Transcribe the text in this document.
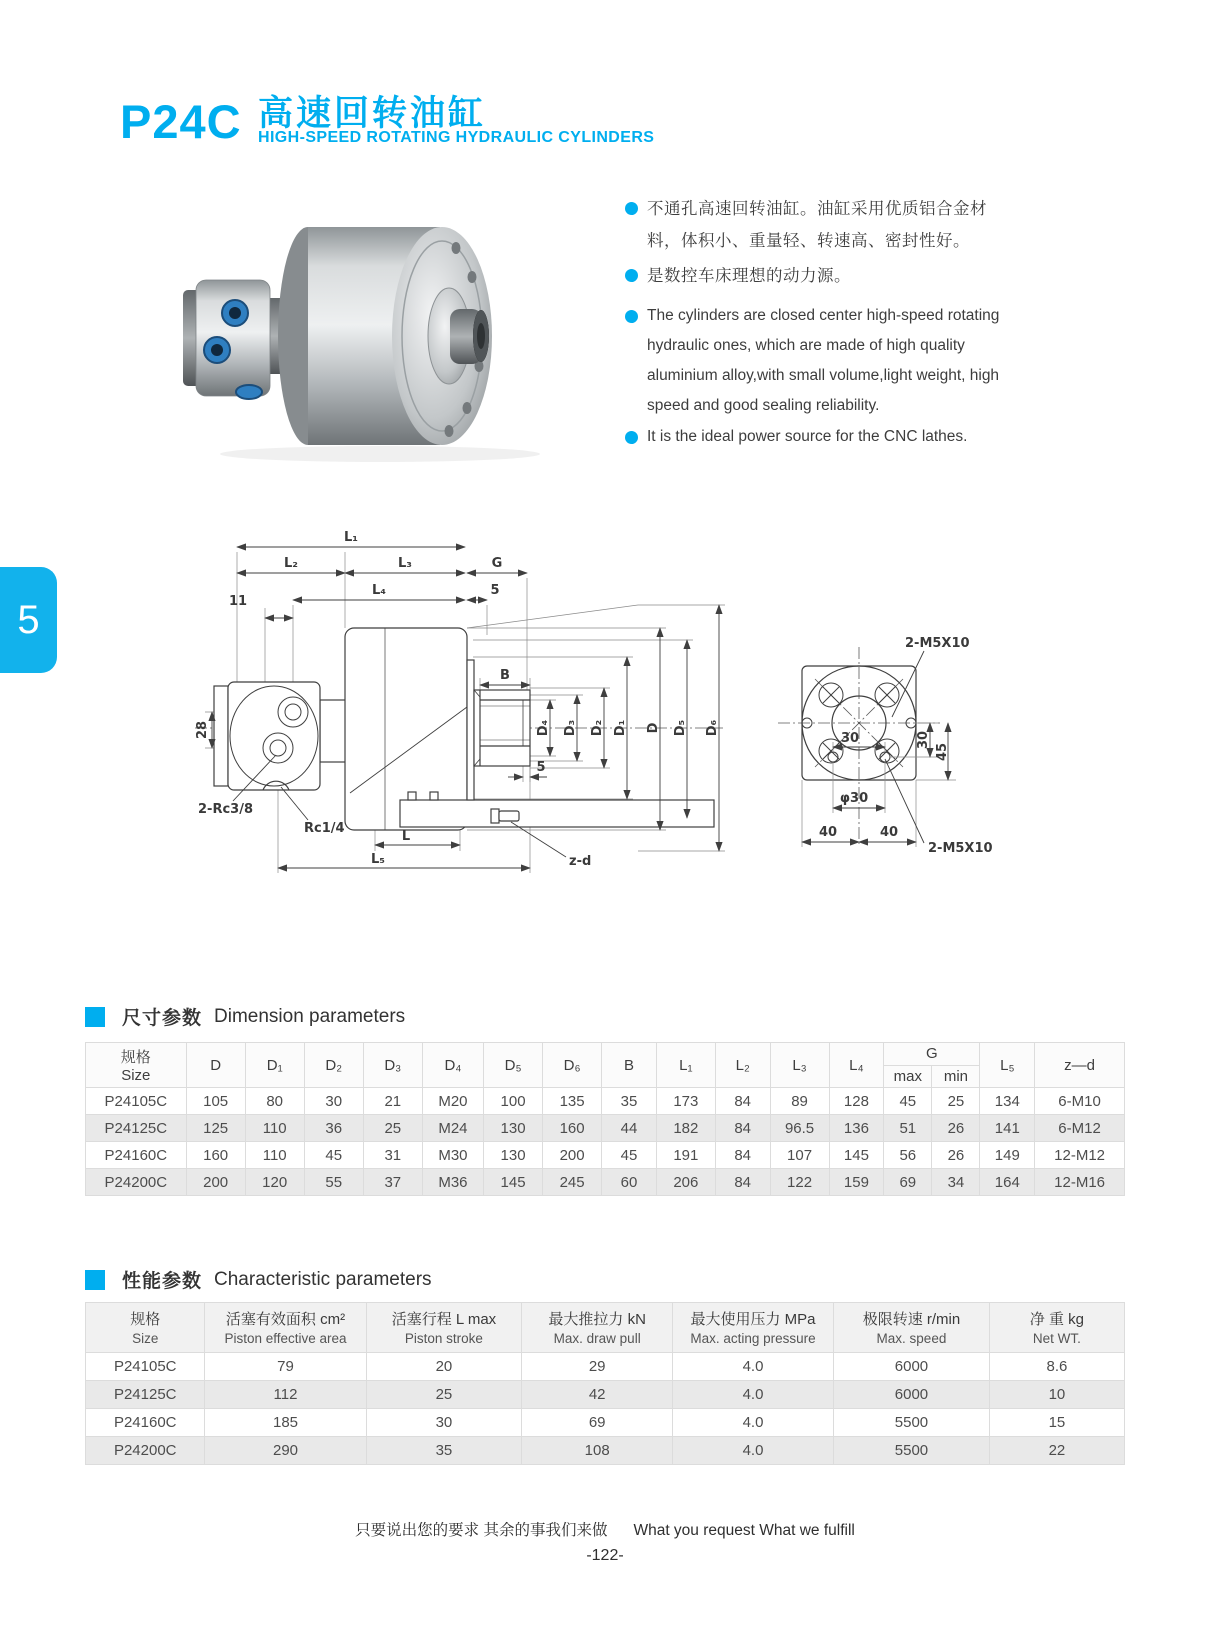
P24C 高速回转油缸
HIGH-SPEED ROTATING HYDRAULIC CYLINDERS
不通孔高速回转油缸。油缸采用优质铝合金材料，体积小、重量轻、转速高、密封性好。
是数控车床理想的动力源。
The cylinders are closed center high-speed rotating hydraulic ones, which are made of high quality aluminium alloy,with small volume,light weight, high speed and good sealing reliability.
It is the ideal power source for the CNC lathes.
5
L₁
L₂	L₃	G
L₄	5
11
28
B
D₄ D₃ D₂ D₁ D D₅ D₆
5
2-Rc3/8
Rc1/4
L
L₅	z-d
2-M5X10
30
φ30
40	40
30
45
2-M5X10
尺寸参数 Dimension parameters
规格
Size	D	D₁	D₂	D₃	D₄	D₅	D₆	B	L₁	L₂	L₃	L₄	G		L₅	z—d
													max	min		
P24105C	105	80	30	21	M20	100	135	35	173	84	89	128	45	25	134	6-M10
P24125C	125	110	36	25	M24	130	160	44	182	84	96.5	136	51	26	141	6-M12
P24160C	160	110	45	31	M30	130	200	45	191	84	107	145	56	26	149	12-M12
P24200C	200	120	55	37	M36	145	245	60	206	84	122	159	69	34	164	12-M16
性能参数 Characteristic parameters
规格
Size

活塞有效面积 cm²
Piston effective area

活塞行程 L max
Piston stroke

最大推拉力 kN
Max. draw pull

最大使用压力 MPa
Max. acting pressure

极限转速 r/min
Max. speed

净 重 kg
Net WT.

P24105C	79	20	29	4.0	6000	8.6
P24125C	112	25	42	4.0	6000	10
P24160C	185	30	69	4.0	5500	15
P24200C	290	35	108	4.0	5500	22
只要说出您的要求 其余的事我们来做 What you request What we fulfill
-122-
